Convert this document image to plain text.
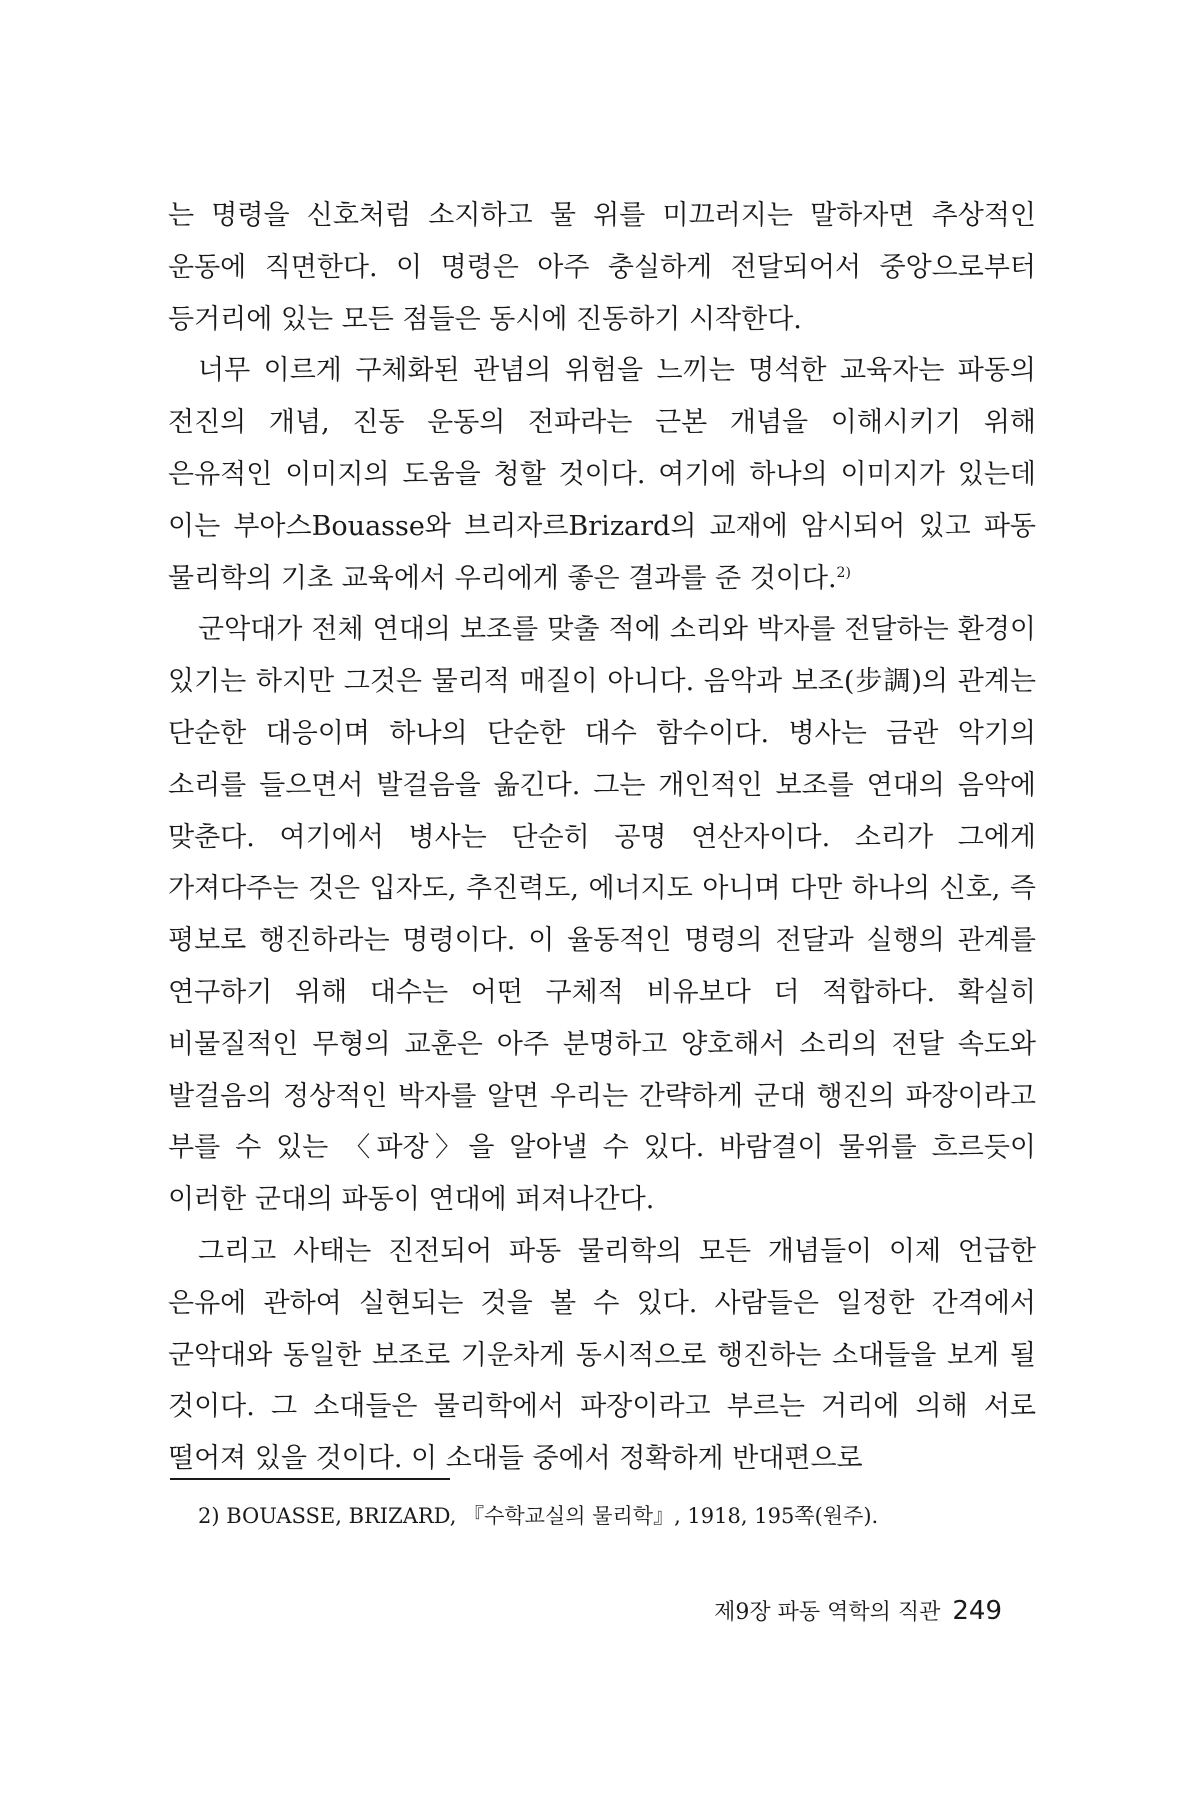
는 명령을 신호처럼 소지하고 물 위를 미끄러지는 말하자면 추상적인 운동에 직면한다. 이 명령은 아주 충실하게 전달되어서 중앙으로부터 등거리에 있는 모든 점들은 동시에 진동하기 시작한다.

너무 이르게 구체화된 관념의 위험을 느끼는 명석한 교육자는 파동의 전진의 개념, 진동 운동의 전파라는 근본 개념을 이해시키기 위해 은유적인 이미지의 도움을 청할 것이다. 여기에 하나의 이미지가 있는데 이는 부아스Bouasse와 브리자르Brizard의 교재에 암시되어 있고 파동 물리학의 기초 교육에서 우리에게 좋은 결과를 준 것이다.$^{2)}$

군악대가 전체 연대의 보조를 맞출 적에 소리와 박자를 전달하는 환경이 있기는 하지만 그것은 물리적 매질이 아니다. 음악과 보조(步調)의 관계는 단순한 대응이며 하나의 단순한 대수 함수이다. 병사는 금관 악기의 소리를 들으면서 발걸음을 옮긴다. 그는 개인적인 보조를 연대의 음악에 맞춘다. 여기에서 병사는 단순히 공명 연산자이다. 소리가 그에게 가져다주는 것은 입자도, 추진력도, 에너지도 아니며 다만 하나의 신호, 즉 평보로 행진하라는 명령이다. 이 율동적인 명령의 전달과 실행의 관계를 연구하기 위해 대수는 어떤 구체적 비유보다 더 적합하다. 확실히 비물질적인 무형의 교훈은 아주 분명하고 양호해서 소리의 전달 속도와 발걸음의 정상적인 박자를 알면 우리는 간략하게 군대 행진의 파장이라고 부를 수 있는 〈파장〉을 알아낼 수 있다. 바람결이 물위를 흐르듯이 이러한 군대의 파동이 연대에 퍼져나간다.

그리고 사태는 진전되어 파동 물리학의 모든 개념들이 이제 언급한 은유에 관하여 실현되는 것을 볼 수 있다. 사람들은 일정한 간격에서 군악대와 동일한 보조로 기운차게 동시적으로 행진하는 소대들을 보게 될 것이다. 그 소대들은 물리학에서 파장이라고 부르는 거리에 의해 서로 떨어져 있을 것이다. 이 소대들 중에서 정확하게 반대편으로

2) BOUASSE, BRIZARD, 『수학교실의 물리학』, 1918, 195쪽(원주).
제9장 파동 역학의 직관 249
